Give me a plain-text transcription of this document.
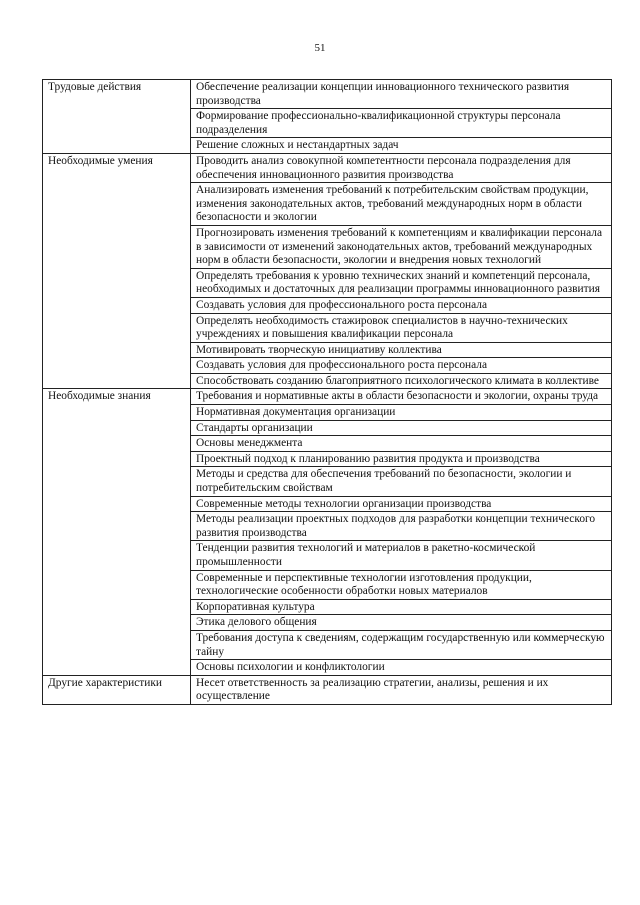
51
Трудовые действия	Обеспечение реализации концепции инновационного технического развития производства
	Формирование профессионально-квалификационной структуры персонала подразделения
	Решение сложных и нестандартных задач
Необходимые умения	Проводить анализ совокупной компетентности персонала подразделения для обеспечения инновационного развития производства
	Анализировать изменения требований к потребительским свойствам продукции, изменения законодательных актов, требований международных норм в области безопасности и экологии
	Прогнозировать изменения требований к компетенциям и квалификации персонала в зависимости от изменений законодательных актов, требований международных норм в области безопасности, экологии и внедрения новых технологий
	Определять требования к уровню технических знаний и компетенций персонала, необходимых и достаточных для реализации программы инновационного развития
	Создавать условия для профессионального роста персонала
	Определять необходимость стажировок специалистов в научно-технических учреждениях и повышения квалификации персонала
	Мотивировать творческую инициативу коллектива
	Создавать условия для профессионального роста персонала
	Способствовать созданию благоприятного психологического климата в коллективе
Необходимые знания	Требования и нормативные акты в области безопасности и экологии, охраны труда
	Нормативная документация организации
	Стандарты организации
	Основы менеджмента
	Проектный подход к планированию развития продукта и производства
	Методы и средства для обеспечения требований по безопасности, экологии и потребительским свойствам
	Современные методы технологии организации производства
	Методы реализации проектных подходов для разработки концепции технического развития производства
	Тенденции развития технологий и материалов в ракетно-космической промышленности
	Современные и перспективные технологии изготовления продукции, технологические особенности обработки новых материалов
	Корпоративная культура
	Этика делового общения
	Требования доступа к сведениям, содержащим государственную или коммерческую тайну
	Основы психологии и конфликтологии
Другие характеристики	Несет ответственность за реализацию стратегии, анализы, решения и их осуществление
